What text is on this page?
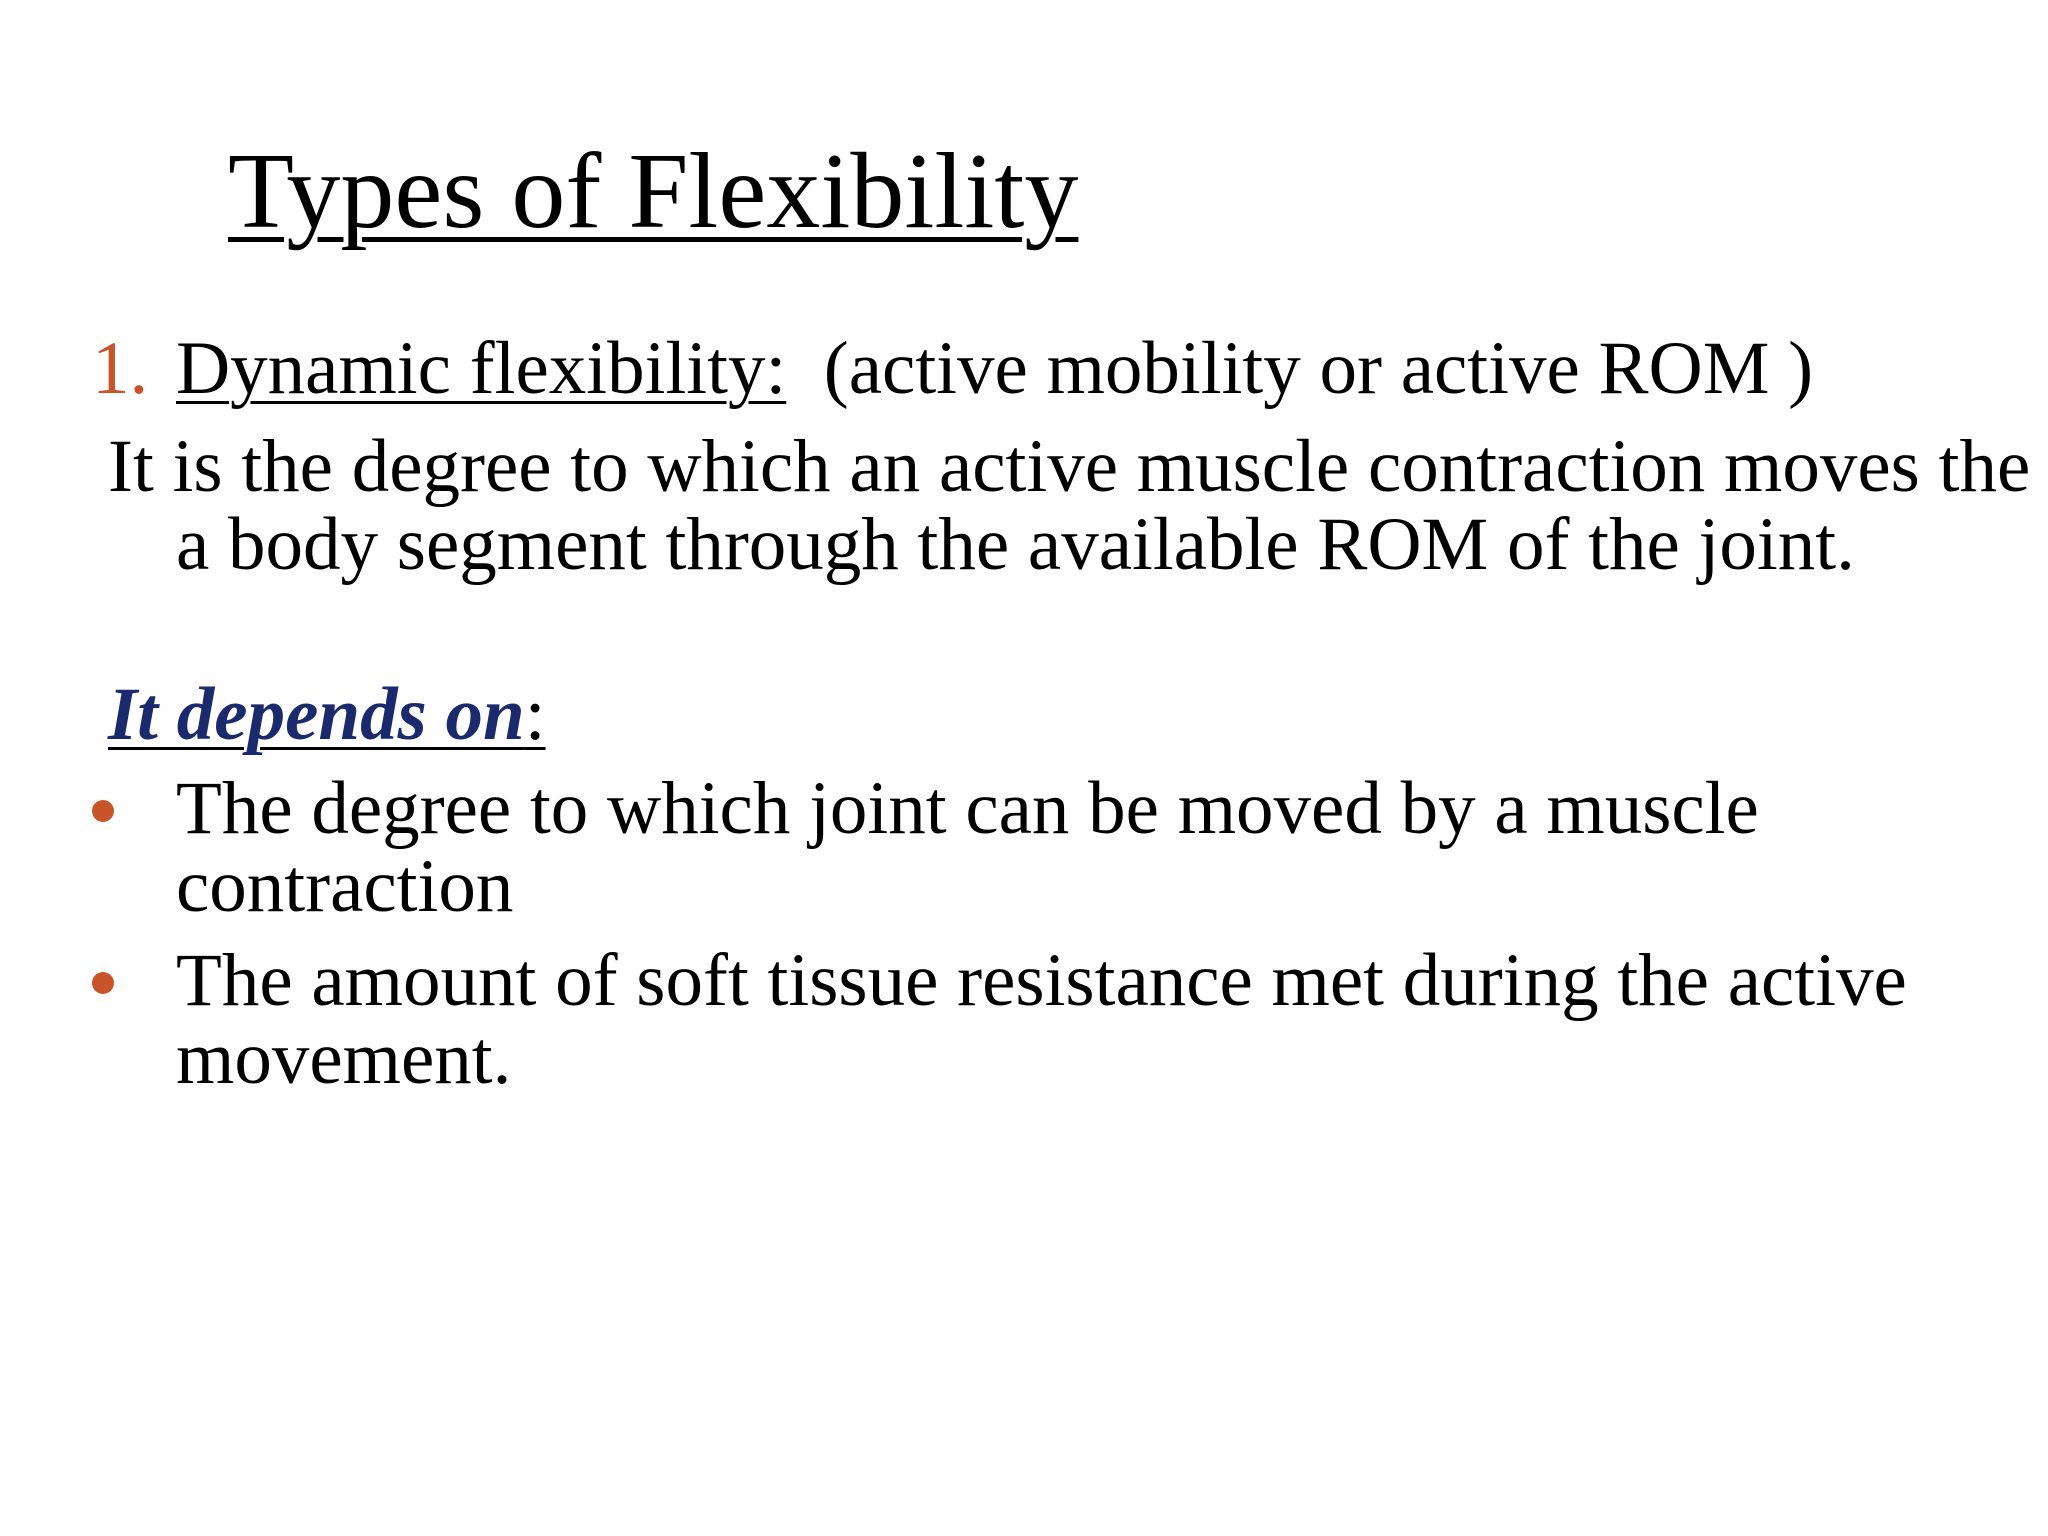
Types of Flexibility
1. Dynamic flexibility: (active mobility or active ROM )

It is the degree to which an active muscle contraction moves the a body segment through the available ROM of the joint.

It depends on:
The degree to which joint can be moved by a muscle contraction
The amount of soft tissue resistance met during the active movement.
